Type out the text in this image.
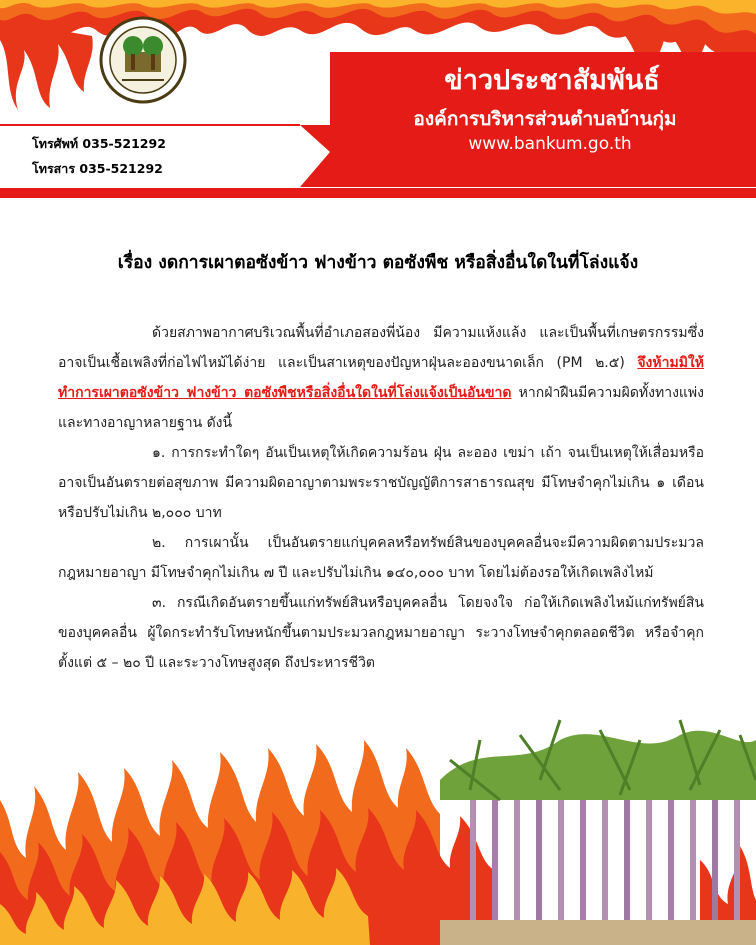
ข่าวประชาสัมพันธ์
องค์การบริหารส่วนตำบลบ้านกุ่ม
www.bankum.go.th
โทรศัพท์ 035-521292
โทรสาร 035-521292
เรื่อง งดการเผาตอซังข้าว ฟางข้าว ตอซังพืช หรือสิ่งอื่นใดในที่โล่งแจ้ง

ด้วยสภาพอากาศบริเวณพื้นที่อำเภอสองพี่น้อง มีความแห้งแล้ง และเป็นพื้นที่เกษตรกรรมซึ่งอาจเป็นเชื้อเพลิงที่ก่อไฟไหม้ได้ง่าย และเป็นสาเหตุของปัญหาฝุ่นละอองขนาดเล็ก (PM ๒.๕) จึงห้ามมิให้ทำการเผาตอซังข้าว ฟางข้าว ตอซังพืชหรือสิ่งอื่นใดในที่โล่งแจ้งเป็นอันขาด หากฝ่าฝืนมีความผิดทั้งทางแพ่งและทางอาญาหลายฐาน ดังนี้

๑. การกระทำใดๆ อันเป็นเหตุให้เกิดความร้อน ฝุ่น ละออง เขม่า เถ้า จนเป็นเหตุให้เสื่อมหรืออาจเป็นอันตรายต่อสุขภาพ มีความผิดอาญาตามพระราชบัญญัติการสาธารณสุข มีโทษจำคุกไม่เกิน ๑ เดือนหรือปรับไม่เกิน ๒,๐๐๐ บาท

๒. การเผานั้น เป็นอันตรายแก่บุคคลหรือทรัพย์สินของบุคคลอื่นจะมีความผิดตามประมวลกฎหมายอาญา มีโทษจำคุกไม่เกิน ๗ ปี และปรับไม่เกิน ๑๔๐,๐๐๐ บาท โดยไม่ต้องรอให้เกิดเพลิงไหม้

๓. กรณีเกิดอันตรายขึ้นแก่ทรัพย์สินหรือบุคคลอื่น โดยจงใจ ก่อให้เกิดเพลิงไหม้แก่ทรัพย์สินของบุคคลอื่น ผู้ใดกระทำรับโทษหนักขึ้นตามประมวลกฎหมายอาญา ระวางโทษจำคุกตลอดชีวิต หรือจำคุกตั้งแต่ ๕ – ๒๐ ปี และระวางโทษสูงสุด ถึงประหารชีวิต
